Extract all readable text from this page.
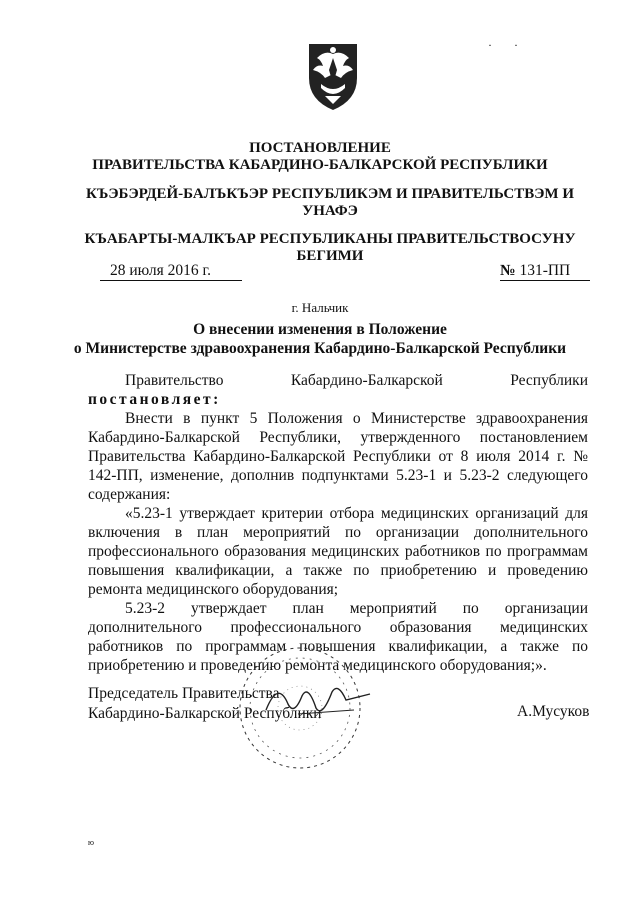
··
ПОСТАНОВЛЕНИЕ
ПРАВИТЕЛЬСТВА КАБАРДИНО-БАЛКАРСКОЙ РЕСПУБЛИКИ
КЪЭБЭРДЕЙ-БАЛЪКЪЭР РЕСПУБЛИКЭМ И ПРАВИТЕЛЬСТВЭМ И
УНАФЭ
КЪАБАРТЫ-МАЛКЪАР РЕСПУБЛИКАНЫ ПРАВИТЕЛЬСТВОСУНУ
БЕГИМИ
28 июля 2016 г.	№ 131-ПП
г. Нальчик
О внесении изменения в Положение
о Министерстве здравоохранения Кабардино-Балкарской Республики

Правительство Кабардино-Балкарской Республики постановляет:

Внести в пункт 5 Положения о Министерстве здравоохранения Кабардино-Балкарской Республики, утвержденного постановлением Правительства Кабардино-Балкарской Республики от 8 июля 2014 г. № 142-ПП, изменение, дополнив подпунктами 5.23-1 и 5.23-2 следующего содержания:

«5.23-1 утверждает критерии отбора медицинских организаций для включения в план мероприятий по организации дополнительного профессионального образования медицинских работников по программам повышения квалификации, а также по приобретению и проведению ремонта медицинского оборудования;

5.23-2 утверждает план мероприятий по организации дополнительного профессионального образования медицинских работников по программам повышения квалификации, а также по приобретению и проведению ремонта медицинского оборудования;».

Председатель Правительства
Кабардино-Балкарской Республики	А.Мусуков
ю
